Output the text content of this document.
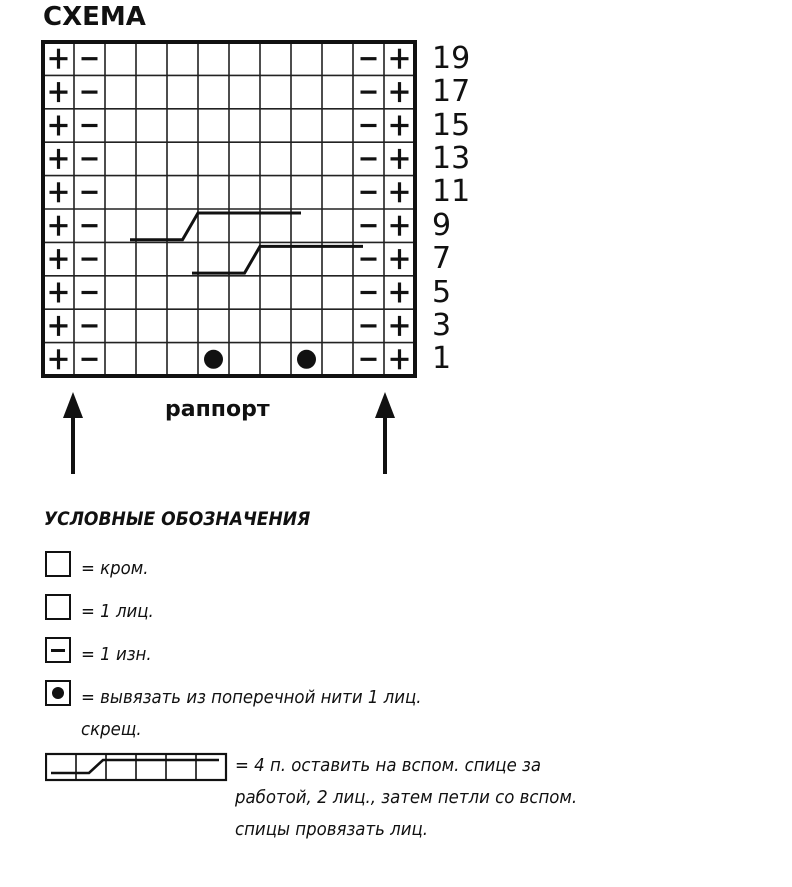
СХЕМА
19
17
15
13
11
9
7
5
3
1
раппорт
УСЛОВНЫЕ ОБОЗНАЧЕНИЯ
= кром.
= 1 лиц.
= 1 изн.
= вывязать из поперечной нити 1 лиц. скрещ.
= 4 п. оставить на вспом. спице за работой, 2 лиц., затем петли со вспом. спицы провязать лиц.
